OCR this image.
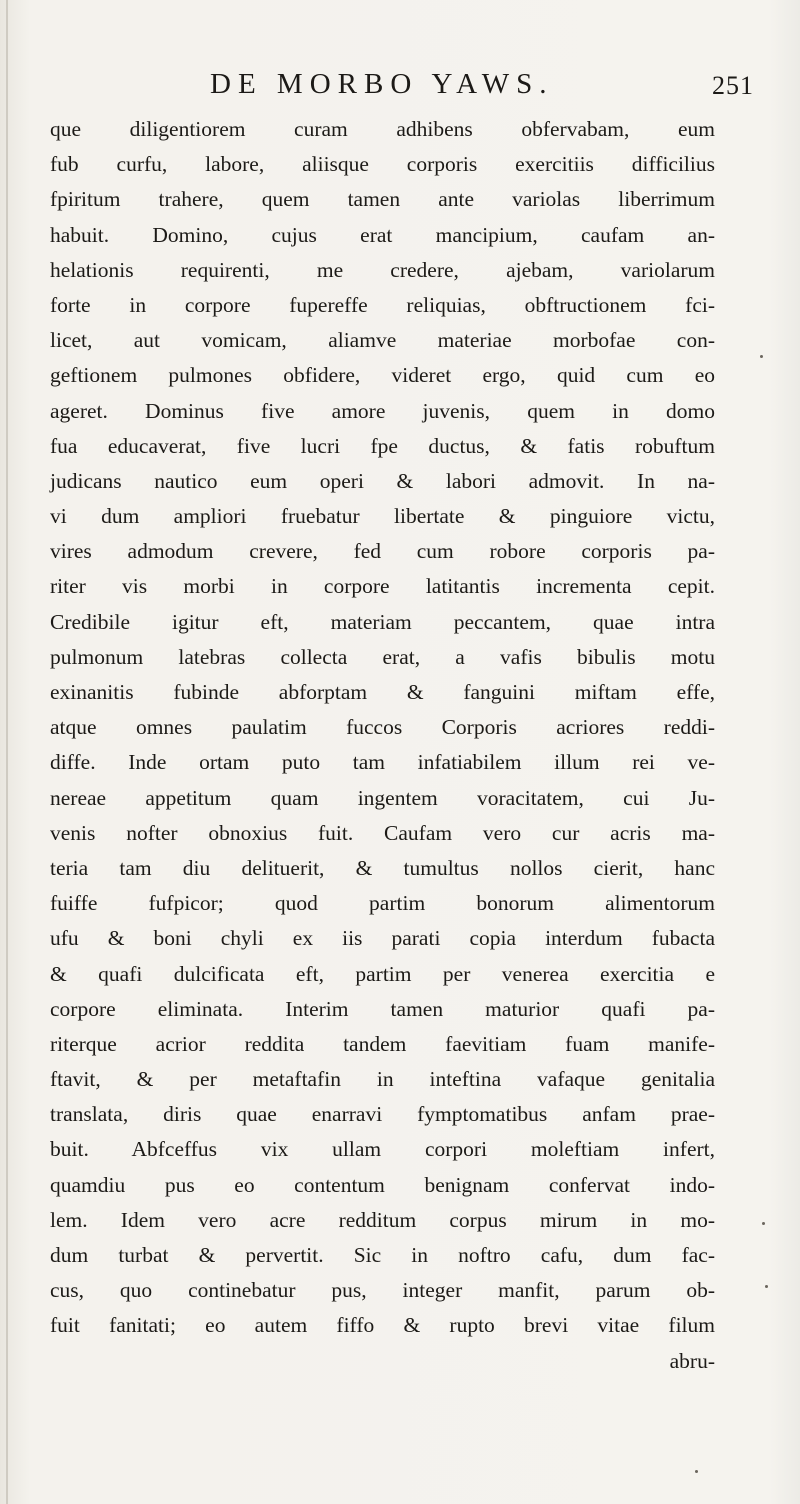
DE MORBO YAWS.	251
que diligentiorem curam adhibens obfervabam, eum
fub curfu, labore, aliisque corporis exercitiis difficilius
fpiritum trahere, quem tamen ante variolas liberrimum
habuit. Domino, cujus erat mancipium, caufam an-
helationis requirenti, me credere, ajebam, variolarum
forte in corpore fupereffe reliquias, obftructionem fci-
licet, aut vomicam, aliamve materiae morbofae con-
geftionem pulmones obfidere, videret ergo, quid cum eo
ageret. Dominus five amore juvenis, quem in domo
fua educaverat, five lucri fpe ductus, & fatis robuftum
judicans nautico eum operi & labori admovit. In na-
vi dum ampliori fruebatur libertate & pinguiore victu,
vires admodum crevere, fed cum robore corporis pa-
riter vis morbi in corpore latitantis incrementa cepit.
Credibile igitur eft, materiam peccantem, quae intra
pulmonum latebras collecta erat, a vafis bibulis motu
exinanitis fubinde abforptam & fanguini miftam effe,
atque omnes paulatim fuccos Corporis acriores reddi-
diffe. Inde ortam puto tam infatiabilem illum rei ve-
nereae appetitum quam ingentem voracitatem, cui Ju-
venis nofter obnoxius fuit. Caufam vero cur acris ma-
teria tam diu delituerit, & tumultus nollos cierit, hanc
fuiffe fufpicor; quod partim bonorum alimentorum
ufu & boni chyli ex iis parati copia interdum fubacta
& quafi dulcificata eft, partim per venerea exercitia e
corpore eliminata. Interim tamen maturior quafi pa-
riterque acrior reddita tandem faevitiam fuam manife-
ftavit, & per metaftafin in inteftina vafaque genitalia
translata, diris quae enarravi fymptomatibus anfam prae-
buit. Abfceffus vix ullam corpori moleftiam infert,
quamdiu pus eo contentum benignam confervat indo-
lem. Idem vero acre redditum corpus mirum in mo-
dum turbat & pervertit. Sic in noftro cafu, dum fac-
cus, quo continebatur pus, integer manfit, parum ob-
fuit fanitati; eo autem fiffo & rupto brevi vitae filum
abru-
